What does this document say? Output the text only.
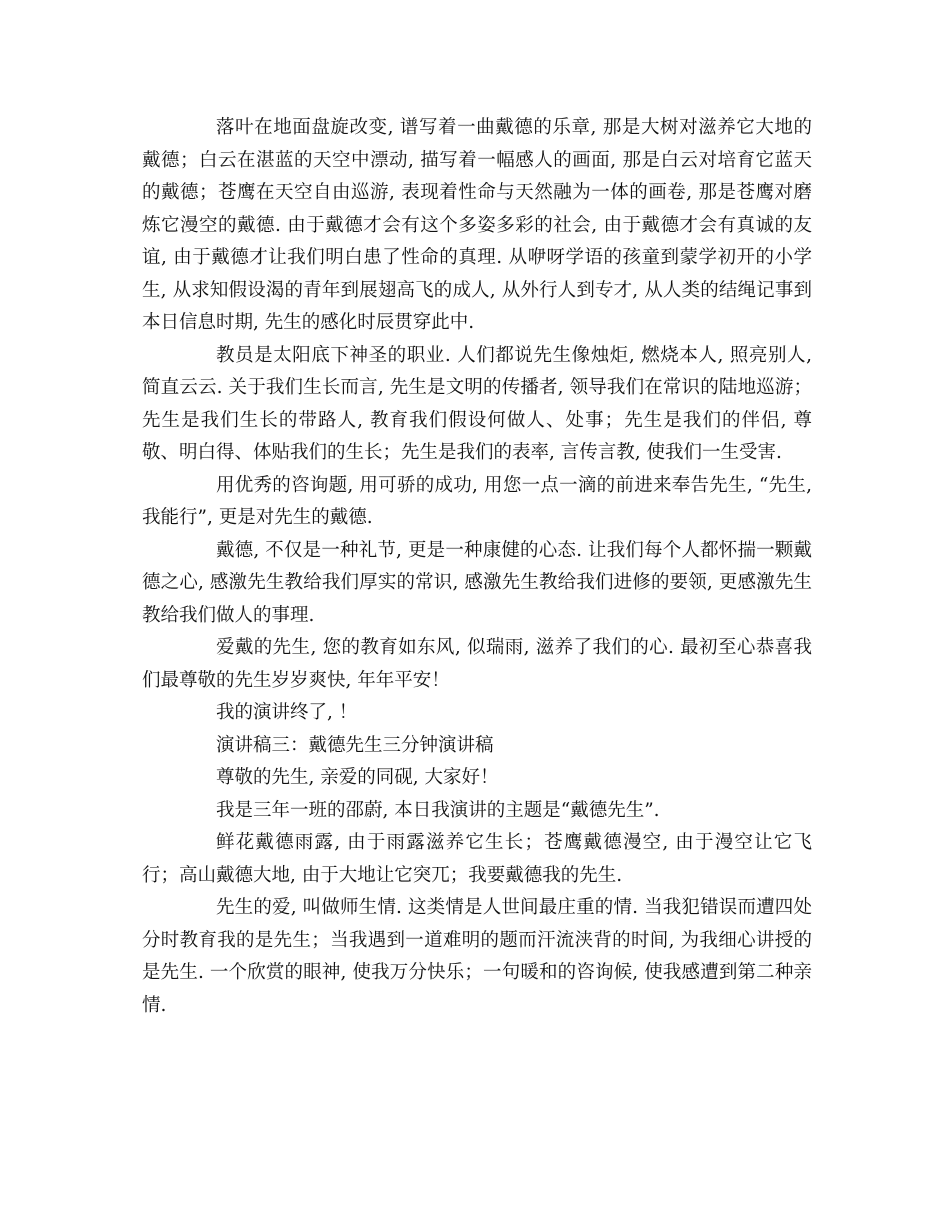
落叶在地面盘旋改变, 谱写着一曲戴德的乐章, 那是大树对滋养它大地的戴德；白云在湛蓝的天空中漂动, 描写着一幅感人的画面, 那是白云对培育它蓝天的戴德；苍鹰在天空自由巡游, 表现着性命与天然融为一体的画卷, 那是苍鹰对磨炼它漫空的戴德. 由于戴德才会有这个多姿多彩的社会, 由于戴德才会有真诚的友谊, 由于戴德才让我们明白患了性命的真理. 从咿呀学语的孩童到蒙学初开的小学生, 从求知假设渴的青年到展翅高飞的成人, 从外行人到专才, 从人类的结绳记事到本日信息时期, 先生的感化时辰贯穿此中.

教员是太阳底下神圣的职业. 人们都说先生像烛炬, 燃烧本人, 照亮别人, 简直云云. 关于我们生长而言, 先生是文明的传播者, 领导我们在常识的陆地巡游；先生是我们生长的带路人, 教育我们假设何做人、处事；先生是我们的伴侣, 尊敬、明白得、体贴我们的生长；先生是我们的表率, 言传言教, 使我们一生受害.

用优秀的咨询题, 用可骄的成功, 用您一点一滴的前进来奉告先生, “先生, 我能行”, 更是对先生的戴德.

戴德, 不仅是一种礼节, 更是一种康健的心态. 让我们每个人都怀揣一颗戴德之心, 感激先生教给我们厚实的常识, 感激先生教给我们进修的要领, 更感激先生教给我们做人的事理.

爱戴的先生, 您的教育如东风, 似瑞雨, 滋养了我们的心. 最初至心恭喜我们最尊敬的先生岁岁爽快, 年年平安！

我的演讲终了, ！

演讲稿三：戴德先生三分钟演讲稿

尊敬的先生, 亲爱的同砚, 大家好！

我是三年一班的邵蔚, 本日我演讲的主题是“戴德先生”.

鲜花戴德雨露, 由于雨露滋养它生长；苍鹰戴德漫空, 由于漫空让它飞行；高山戴德大地, 由于大地让它突兀；我要戴德我的先生.

先生的爱, 叫做师生情. 这类情是人世间最庄重的情. 当我犯错误而遭四处分时教育我的是先生；当我遇到一道难明的题而汗流浃背的时间, 为我细心讲授的是先生. 一个欣赏的眼神, 使我万分快乐；一句暖和的咨询候, 使我感遭到第二种亲情.
